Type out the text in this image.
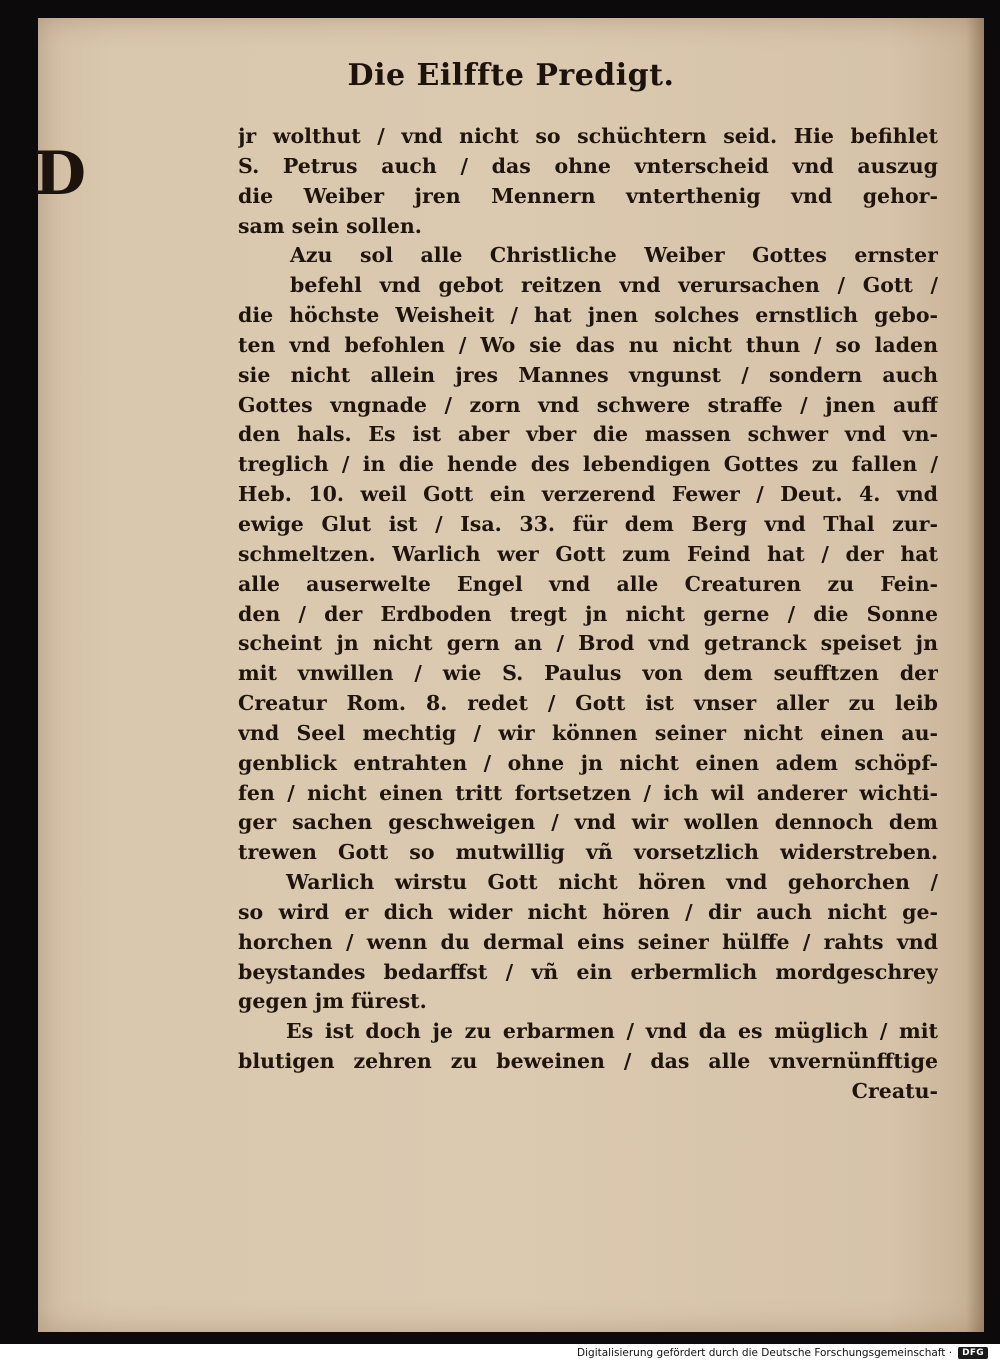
Die Eilffte Predigt.
D
jr wolthut / vnd nicht so schüchtern seid. Hie befihlet
S. Petrus auch / das ohne vnterscheid vnd auszug
die Weiber jren Mennern vnterthenig vnd gehor-
sam sein sollen.
Azu sol alle Christliche Weiber Gottes ernster
befehl vnd gebot reitzen vnd verursachen / Gott /
die höchste Weisheit / hat jnen solches ernstlich gebo-
ten vnd befohlen / Wo sie das nu nicht thun / so laden
sie nicht allein jres Mannes vngunst / sondern auch
Gottes vngnade / zorn vnd schwere straffe / jnen auff
den hals. Es ist aber vber die massen schwer vnd vn-
treglich / in die hende des lebendigen Gottes zu fallen /
Heb. 10. weil Gott ein verzerend Fewer / Deut. 4. vnd
ewige Glut ist / Isa. 33. für dem Berg vnd Thal zur-
schmeltzen. Warlich wer Gott zum Feind hat / der hat
alle auserwelte Engel vnd alle Creaturen zu Fein-
den / der Erdboden tregt jn nicht gerne / die Sonne
scheint jn nicht gern an / Brod vnd getranck speiset jn
mit vnwillen / wie S. Paulus von dem seufftzen der
Creatur Rom. 8. redet / Gott ist vnser aller zu leib
vnd Seel mechtig / wir können seiner nicht einen au-
genblick entrahten / ohne jn nicht einen adem schöpf-
fen / nicht einen tritt fortsetzen / ich wil anderer wichti-
ger sachen geschweigen / vnd wir wollen dennoch dem
trewen Gott so mutwillig vñ vorsetzlich widerstreben.
Warlich wirstu Gott nicht hören vnd gehorchen /
so wird er dich wider nicht hören / dir auch nicht ge-
horchen / wenn du dermal eins seiner hülffe / rahts vnd
beystandes bedarffst / vñ ein erbermlich mordgeschrey
gegen jm fürest.
Es ist doch je zu erbarmen / vnd da es müglich / mit
blutigen zehren zu beweinen / das alle vnvernünfftige
Creatu-
Digitalisierung gefördert durch die Deutsche Forschungsgemeinschaft ·	DFG
